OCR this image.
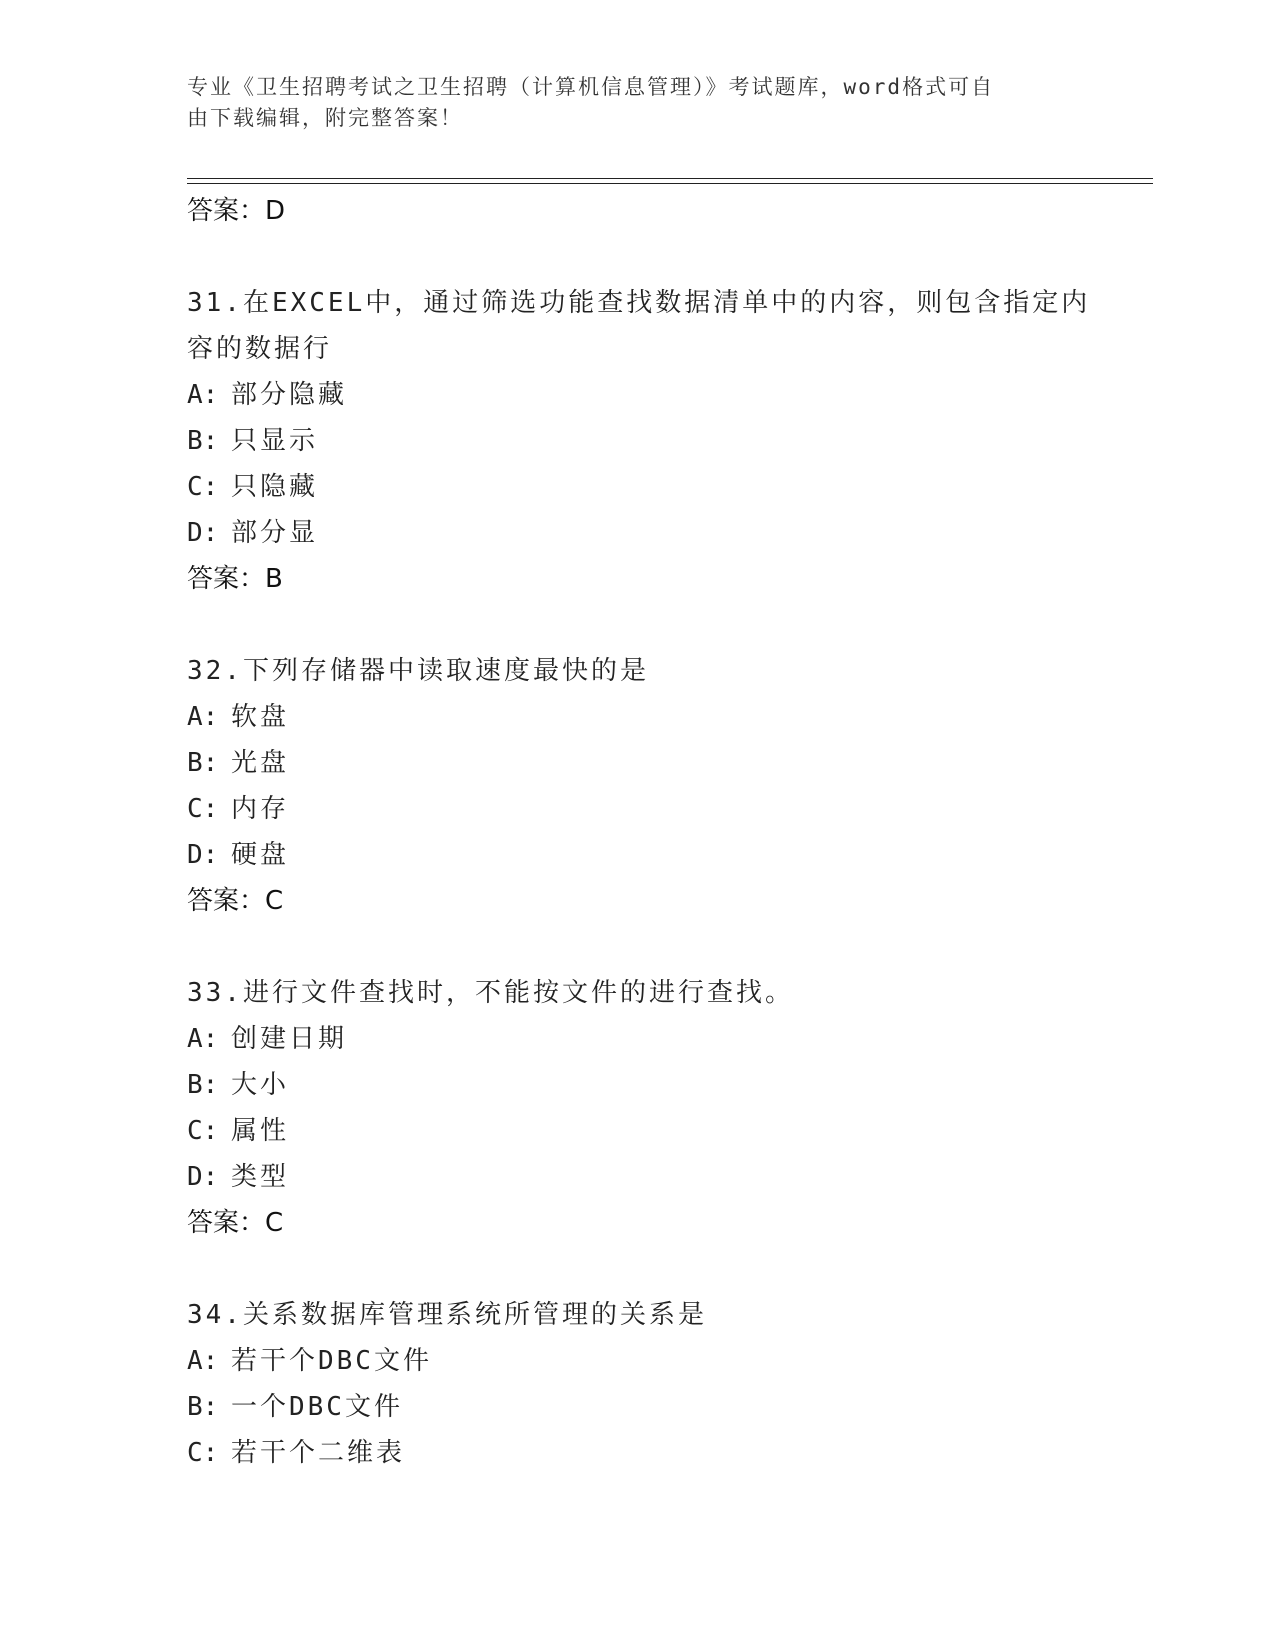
专业《卫生招聘考试之卫生招聘（计算机信息管理）》考试题库，word格式可自
由下载编辑，附完整答案！
答案：D
31.在EXCEL中，通过筛选功能查找数据清单中的内容，则包含指定内
容的数据行
A: 部分隐藏
B: 只显示
C: 只隐藏
D: 部分显
答案：B
32.下列存储器中读取速度最快的是
A: 软盘
B: 光盘
C: 内存
D: 硬盘
答案：C
33.进行文件查找时，不能按文件的进行查找。
A: 创建日期
B: 大小
C: 属性
D: 类型
答案：C
34.关系数据库管理系统所管理的关系是
A: 若干个DBC文件
B: 一个DBC文件
C: 若干个二维表
